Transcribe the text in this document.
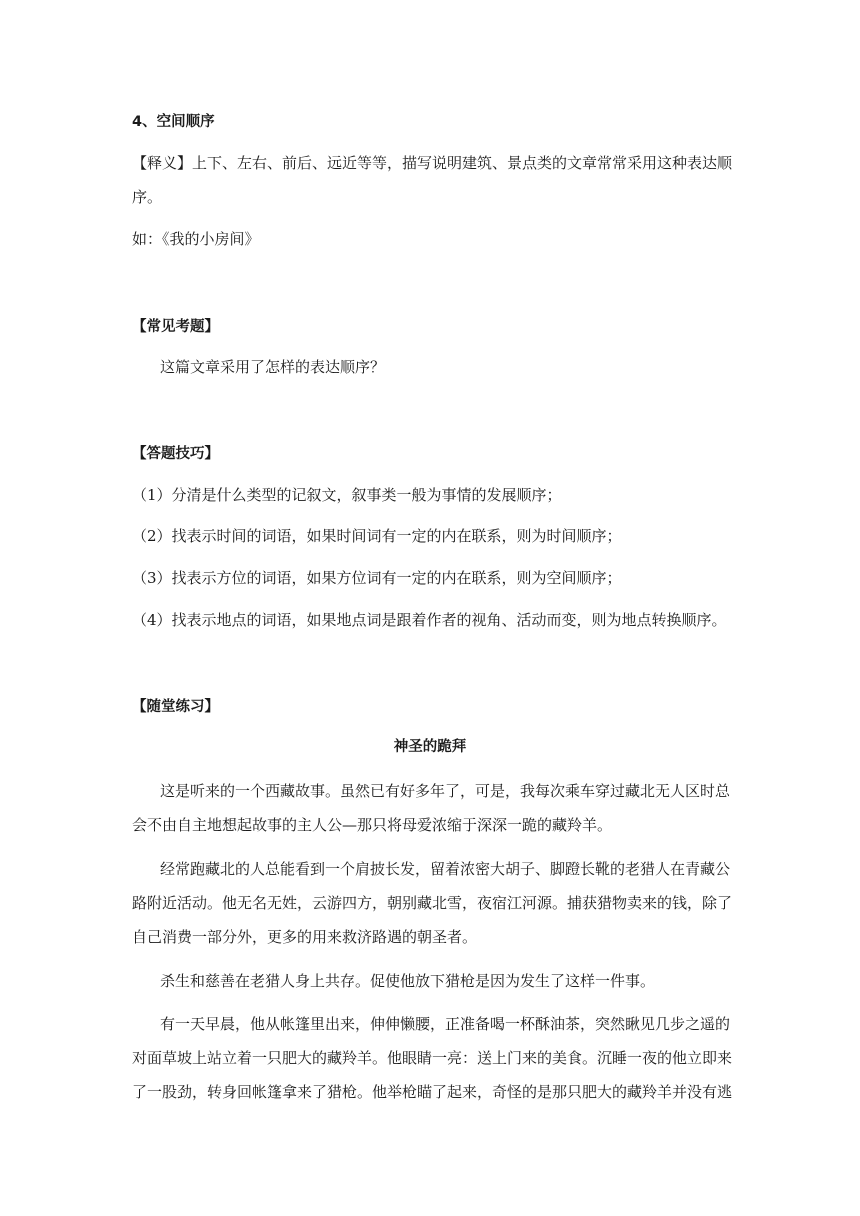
4、空间顺序
【释义】上下、左右、前后、远近等等，描写说明建筑、景点类的文章常常采用这种表达顺
序。
如：《我的小房间》
【常见考题】
这篇文章采用了怎样的表达顺序？
【答题技巧】
（1）分清是什么类型的记叙文，叙事类一般为事情的发展顺序；
（2）找表示时间的词语，如果时间词有一定的内在联系，则为时间顺序；
（3）找表示方位的词语，如果方位词有一定的内在联系，则为空间顺序；
（4）找表示地点的词语，如果地点词是跟着作者的视角、活动而变，则为地点转换顺序。
【随堂练习】
神圣的跪拜
这是听来的一个西藏故事。虽然已有好多年了，可是，我每次乘车穿过藏北无人区时总
会不由自主地想起故事的主人公—那只将母爱浓缩于深深一跪的藏羚羊。
经常跑藏北的人总能看到一个肩披长发，留着浓密大胡子、脚蹬长靴的老猎人在青藏公
路附近活动。他无名无姓，云游四方，朝别藏北雪，夜宿江河源。捕获猎物卖来的钱，除了
自己消费一部分外，更多的用来救济路遇的朝圣者。
杀生和慈善在老猎人身上共存。促使他放下猎枪是因为发生了这样一件事。
有一天早晨，他从帐篷里出来，伸伸懒腰，正准备喝一杯酥油茶，突然瞅见几步之遥的
对面草坡上站立着一只肥大的藏羚羊。他眼睛一亮：送上门来的美食。沉睡一夜的他立即来
了一股劲，转身回帐篷拿来了猎枪。他举枪瞄了起来，奇怪的是那只肥大的藏羚羊并没有逃
